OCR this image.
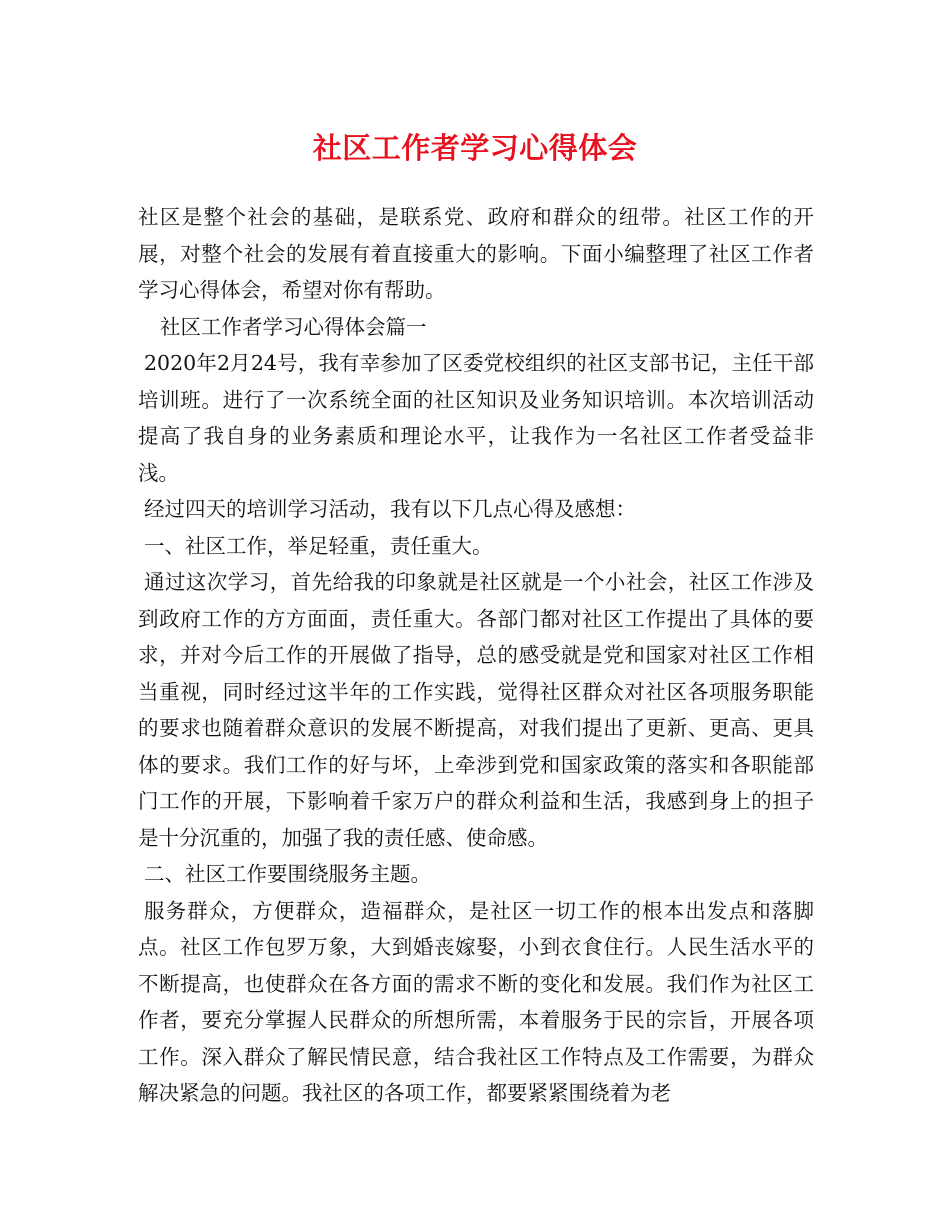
社区工作者学习心得体会

社区是整个社会的基础，是联系党、政府和群众的纽带。社区工作的开展，对整个社会的发展有着直接重大的影响。下面小编整理了社区工作者学习心得体会，希望对你有帮助。

社区工作者学习心得体会篇一

2020年2月24号，我有幸参加了区委党校组织的社区支部书记，主任干部培训班。进行了一次系统全面的社区知识及业务知识培训。本次培训活动提高了我自身的业务素质和理论水平，让我作为一名社区工作者受益非浅。

经过四天的培训学习活动，我有以下几点心得及感想：

一、社区工作，举足轻重，责任重大。

通过这次学习，首先给我的印象就是社区就是一个小社会，社区工作涉及到政府工作的方方面面，责任重大。各部门都对社区工作提出了具体的要求，并对今后工作的开展做了指导，总的感受就是党和国家对社区工作相当重视，同时经过这半年的工作实践，觉得社区群众对社区各项服务职能的要求也随着群众意识的发展不断提高，对我们提出了更新、更高、更具体的要求。我们工作的好与坏，上牵涉到党和国家政策的落实和各职能部门工作的开展，下影响着千家万户的群众利益和生活，我感到身上的担子是十分沉重的，加强了我的责任感、使命感。

二、社区工作要围绕服务主题。

服务群众，方便群众，造福群众，是社区一切工作的根本出发点和落脚点。社区工作包罗万象，大到婚丧嫁娶，小到衣食住行。人民生活水平的不断提高，也使群众在各方面的需求不断的变化和发展。我们作为社区工作者，要充分掌握人民群众的所想所需，本着服务于民的宗旨，开展各项工作。深入群众了解民情民意，结合我社区工作特点及工作需要，为群众解决紧急的问题。我社区的各项工作，都要紧紧围绕着为老
